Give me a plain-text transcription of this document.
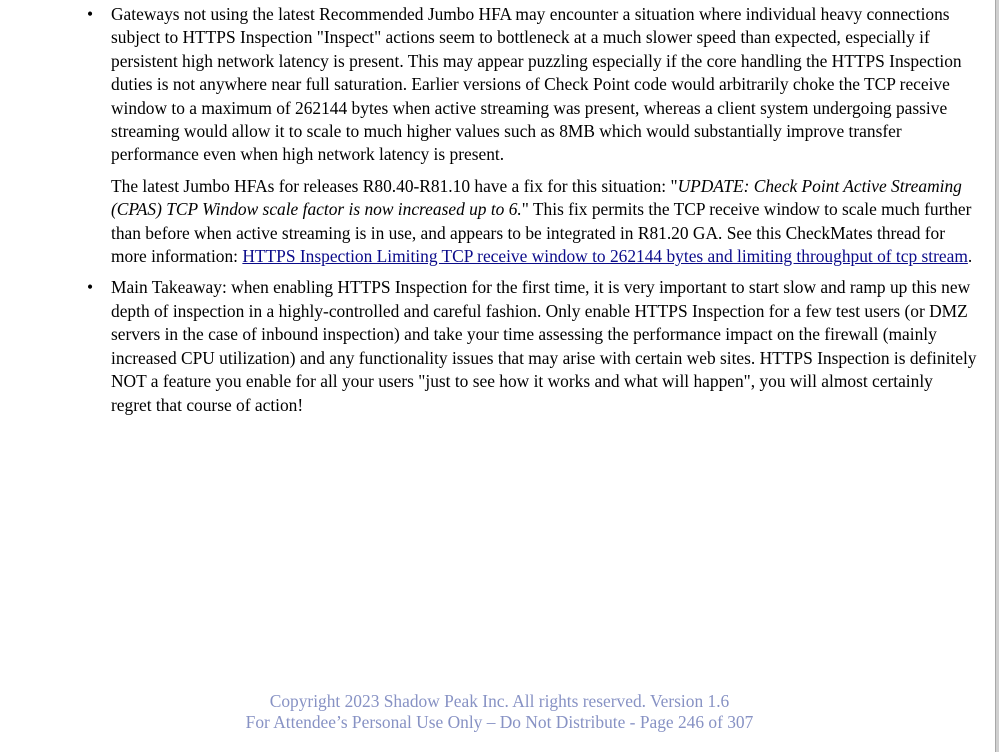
• Gateways not using the latest Recommended Jumbo HFA may encounter a situation where individual heavy connections subject to HTTPS Inspection "Inspect" actions seem to bottleneck at a much slower speed than expected, especially if persistent high network latency is present. This may appear puzzling especially if the core handling the HTTPS Inspection duties is not anywhere near full saturation. Earlier versions of Check Point code would arbitrarily choke the TCP receive window to a maximum of 262144 bytes when active streaming was present, whereas a client system undergoing passive streaming would allow it to scale to much higher values such as 8MB which would substantially improve transfer performance even when high network latency is present.

The latest Jumbo HFAs for releases R80.40-R81.10 have a fix for this situation: "UPDATE: Check Point Active Streaming (CPAS) TCP Window scale factor is now increased up to 6." This fix permits the TCP receive window to scale much further than before when active streaming is in use, and appears to be integrated in R81.20 GA. See this CheckMates thread for more information: HTTPS Inspection Limiting TCP receive window to 262144 bytes and limiting throughput of tcp stream.

• Main Takeaway: when enabling HTTPS Inspection for the first time, it is very important to start slow and ramp up this new depth of inspection in a highly-controlled and careful fashion. Only enable HTTPS Inspection for a few test users (or DMZ servers in the case of inbound inspection) and take your time assessing the performance impact on the firewall (mainly increased CPU utilization) and any functionality issues that may arise with certain web sites. HTTPS Inspection is definitely NOT a feature you enable for all your users "just to see how it works and what will happen", you will almost certainly regret that course of action!

Copyright 2023 Shadow Peak Inc. All rights reserved. Version 1.6
For Attendee’s Personal Use Only – Do Not Distribute - Page 246 of 307
